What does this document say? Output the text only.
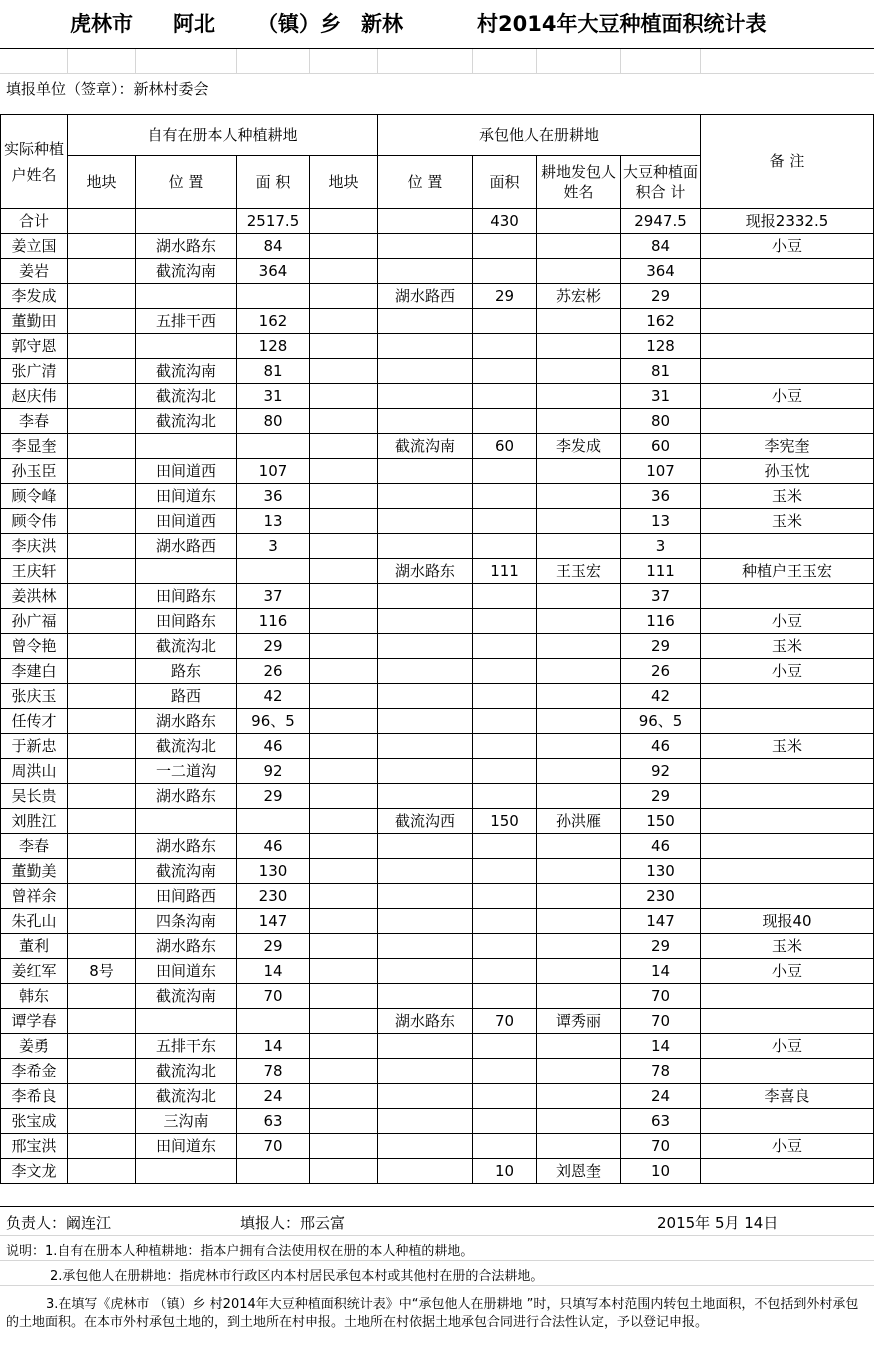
虎林市 阿北 （镇）乡 新林	村2014年大豆种植面积统计表
填报单位（签章）：新林村委会
实际种植户姓名	自有在册本人种植耕地				承包他人在册耕地				备 注
	地块	位 置	面 积	地块	位 置	面积	耕地发包人姓名	大豆种植面积合 计	
合计			2517.5			430		2947.5	现报2332.5
姜立国		湖水路东	84					84	小豆
姜岩		截流沟南	364					364	
李发成					湖水路西	29	苏宏彬	29	
董勤田		五排干西	162					162	
郭守恩			128					128	
张广清		截流沟南	81					81	
赵庆伟		截流沟北	31					31	小豆
李春		截流沟北	80					80	
李显奎					截流沟南	60	李发成	60	李宪奎
孙玉臣		田间道西	107					107	孙玉忱
顾令峰		田间道东	36					36	玉米
顾令伟		田间道西	13					13	玉米
李庆洪		湖水路西	3					3	
王庆轩					湖水路东	111	王玉宏	111	种植户王玉宏
姜洪林		田间路东	37					37	
孙广福		田间路东	116					116	小豆
曾令艳		截流沟北	29					29	玉米
李建白		路东	26					26	小豆
张庆玉		路西	42					42	
任传才		湖水路东	96、5					96、5	
于新忠		截流沟北	46					46	玉米
周洪山		一二道沟	92					92	
吴长贵		湖水路东	29					29	
刘胜江					截流沟西	150	孙洪雁	150	
李春		湖水路东	46					46	
董勤美		截流沟南	130					130	
曾祥余		田间路西	230					230	
朱孔山		四条沟南	147					147	现报40
董利		湖水路东	29					29	玉米
姜红军	8号	田间道东	14					14	小豆
韩东		截流沟南	70					70	
谭学春					湖水路东	70	谭秀丽	70	
姜勇		五排干东	14					14	小豆
李希金		截流沟北	78					78	
李希良		截流沟北	24					24	李喜良
张宝成		三沟南	63					63	
邢宝洪		田间道东	70					70	小豆
李文龙						10	刘恩奎	10	
负责人：阚连江	填报人：邢云富	2015年 5月 14日

说明：1.自有在册本人种植耕地：指本户拥有合法使用权在册的本人种植的耕地。

2.承包他人在册耕地：指虎林市行政区内本村居民承包本村或其他村在册的合法耕地。

3.在填写《虎林市 （镇）乡 村2014年大豆种植面积统计表》中“承包他人在册耕地 ”时，只填写本村范围内转包土地面积，不包括到外村承包的土地面积。在本市外村承包土地的，到土地所在村申报。土地所在村依据土地承包合同进行合法性认定，予以登记申报。
